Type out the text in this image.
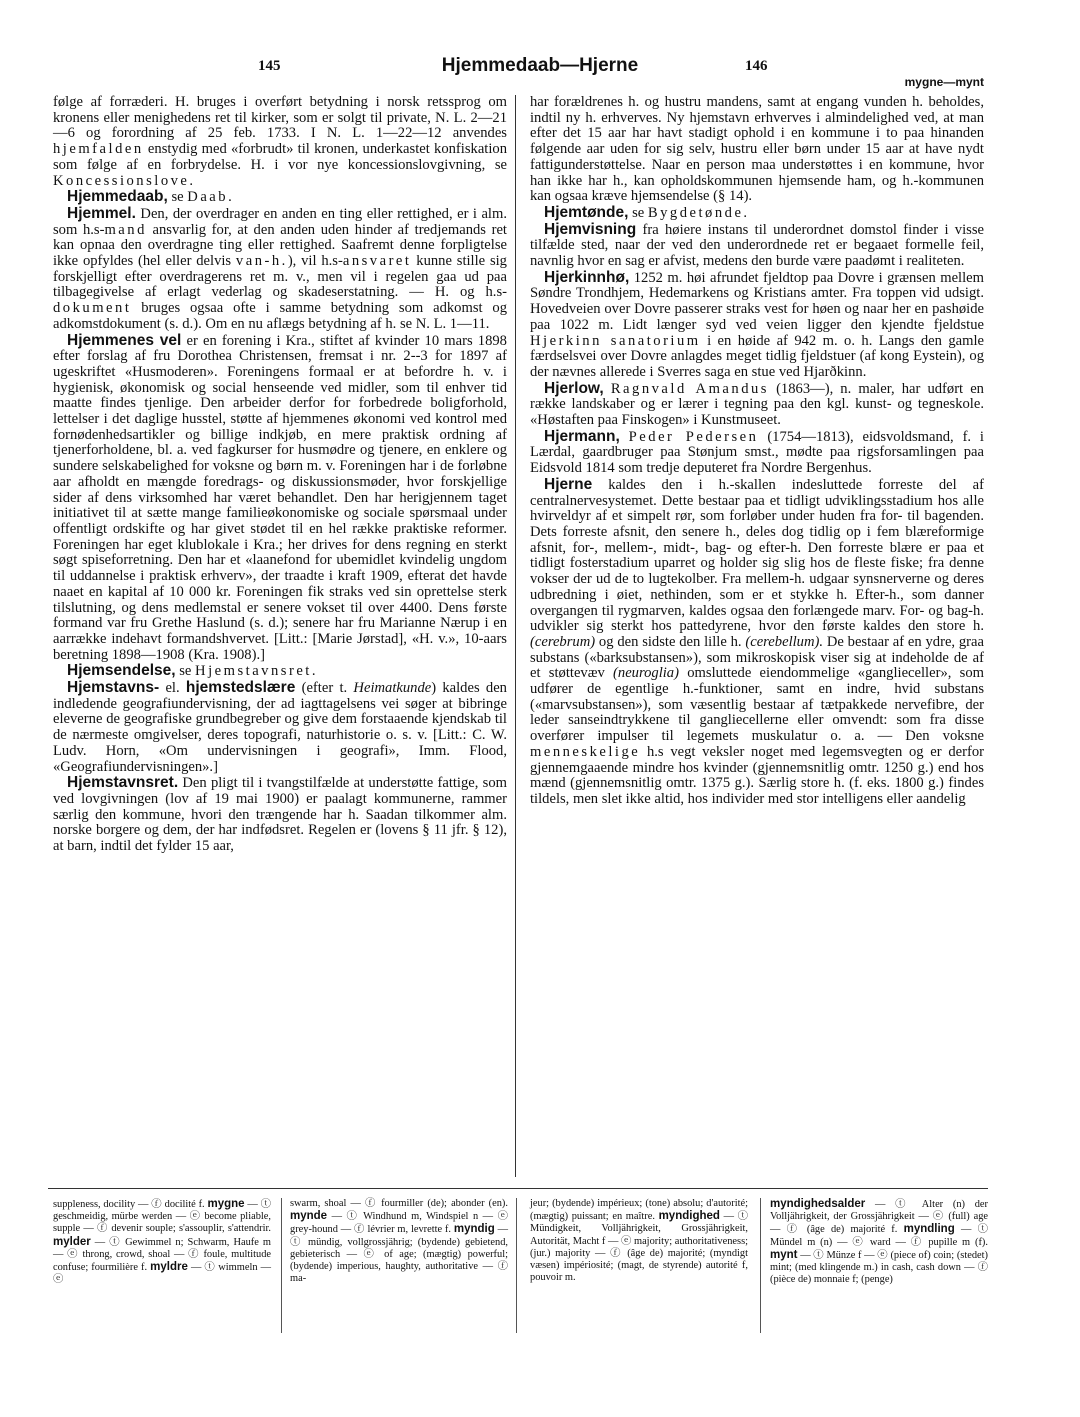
145	Hjemmedaab—Hjerne	146
mygne—mynt

følge af forræderi. H. bruges i overført betydning i norsk retssprog om kronens eller menighedens ret til kirker, som er solgt til private, N. L. 2—21—6 og forordning af 25 feb. 1733. I N. L. 1—22—12 anvendes hjemfalden enstydig med «forbrudt» til kronen, underkastet konfiskation som følge af en forbrydelse. H. i vor nye koncessionslovgivning, se Koncessionslove.

Hjemmedaab, se Daab.

Hjemmel. Den, der overdrager en anden en ting eller rettighed, er i alm. som h.s-mand ansvarlig for, at den anden uden hinder af tredjemands ret kan opnaa den overdragne ting eller rettighed. Saafremt denne forpligtelse ikke opfyldes (hel eller delvis van-h.), vil h.s-ansvaret kunne stille sig forskjelligt efter overdragerens ret m. v., men vil i regelen gaa ud paa tilbagegivelse af erlagt vederlag og skadeserstatning. — H. og h.s-dokument bruges ogsaa ofte i samme betydning som adkomst og adkomstdokument (s. d.). Om en nu aflægs betydning af h. se N. L. 1—11.

Hjemmenes vel er en forening i Kra., stiftet af kvinder 10 mars 1898 efter forslag af fru Dorothea Christensen, fremsat i nr. 2--3 for 1897 af ugeskriftet «Husmoderen». Foreningens formaal er at befordre h. v. i hygienisk, økonomisk og social henseende ved midler, som til enhver tid maatte findes tjenlige. Den arbeider derfor for forbedrede boligforhold, lettelser i det daglige husstel, støtte af hjemmenes økonomi ved kontrol med fornødenhedsartikler og billige indkjøb, en mere praktisk ordning af tjenerforholdene, bl. a. ved fagkurser for husmødre og tjenere, en enklere og sundere selskabelighed for voksne og børn m. v. Foreningen har i de forløbne aar afholdt en mængde foredrags- og diskussionsmøder, hvor forskjellige sider af dens virksomhed har været behandlet. Den har herigjennem taget initiativet til at sætte mange familieøkonomiske og sociale spørsmaal under offentligt ordskifte og har givet stødet til en hel række praktiske reformer. Foreningen har eget klublokale i Kra.; her drives for dens regning en sterkt søgt spiseforretning. Den har et «laanefond for ubemidlet kvindelig ungdom til uddannelse i praktisk erhverv», der traadte i kraft 1909, efterat det havde naaet en kapital af 10 000 kr. Foreningen fik straks ved sin oprettelse sterk tilslutning, og dens medlemstal er senere vokset til over 4400. Dens første formand var fru Grethe Haslund (s. d.); senere har fru Marianne Nærup i en aarrække indehavt formandshvervet. [Litt.: [Marie Jørstad], «H. v.», 10-aars beretning 1898—1908 (Kra. 1908).]

Hjemsendelse, se Hjemstavnsret.

Hjemstavns- el. hjemstedslære (efter t. Heimatkunde) kaldes den indledende geografiundervisning, der ad iagttagelsens vei søger at bibringe eleverne de geografiske grundbegreber og give dem forstaaende kjendskab til de nærmeste omgivelser, deres topografi, naturhistorie o. s. v. [Litt.: C. W. Ludv. Horn, «Om undervisningen i geografi», Imm. Flood, «Geografiundervisningen».]

Hjemstavnsret. Den pligt til i tvangstilfælde at understøtte fattige, som ved lovgivningen (lov af 19 mai 1900) er paalagt kommunerne, rammer særlig den kommune, hvori den trængende har h. Saadan tilkommer alm. norske borgere og dem, der har indfødsret. Regelen er (lovens § 11 jfr. § 12), at barn, indtil det fylder 15 aar,

har forældrenes h. og hustru mandens, samt at engang vunden h. beholdes, indtil ny h. erhverves. Ny hjemstavn erhverves i almindelighed ved, at man efter det 15 aar har havt stadigt ophold i en kommune i to paa hinanden følgende aar uden for sig selv, hustru eller børn under 15 aar at have nydt fattigunderstøttelse. Naar en person maa understøttes i en kommune, hvor han ikke har h., kan opholdskommunen hjemsende ham, og h.-kommunen kan ogsaa kræve hjemsendelse (§ 14).

Hjemtønde, se Bygdetønde.

Hjemvisning fra høiere instans til underordnet domstol finder i visse tilfælde sted, naar der ved den underordnede ret er begaaet formelle feil, navnlig hvor en sag er afvist, medens den burde være paadømt i realiteten.

Hjerkinnhø, 1252 m. høi afrundet fjeldtop paa Dovre i grænsen mellem Søndre Trondhjem, Hedemarkens og Kristians amter. Fra toppen vid udsigt. Hovedveien over Dovre passerer straks vest for høen og naar her en pashøide paa 1022 m. Lidt længer syd ved veien ligger den kjendte fjeldstue Hjerkinn sanatorium i en høide af 942 m. o. h. Langs den gamle færdselsvei over Dovre anlagdes meget tidlig fjeldstuer (af kong Eystein), og der nævnes allerede i Sverres saga en stue ved Hjarðkinn.

Hjerlow, Ragnvald Amandus (1863—), n. maler, har udført en række landskaber og er lærer i tegning paa den kgl. kunst- og tegneskole. «Høstaften paa Finskogen» i Kunstmuseet.

Hjermann, Peder Pedersen (1754—1813), eidsvoldsmand, f. i Lærdal, gaardbruger paa Stønjum smst., mødte paa rigsforsamlingen paa Eidsvold 1814 som tredje deputeret fra Nordre Bergenhus.

Hjerne kaldes den i h.-skallen indesluttede forreste del af centralnervesystemet. Dette bestaar paa et tidligt udviklingsstadium hos alle hvirveldyr af et simpelt rør, som forløber under huden fra for- til bagenden. Dets forreste afsnit, den senere h., deles dog tidlig op i fem blæreformige afsnit, for-, mellem-, midt-, bag- og efter-h. Den forreste blære er paa et tidligt fosterstadium uparret og holder sig slig hos de fleste fiske; fra denne vokser der ud de to lugtekolber. Fra mellem-h. udgaar synsnerverne og deres udbredning i øiet, nethinden, som er et stykke h. Efter-h., som danner overgangen til rygmarven, kaldes ogsaa den forlængede marv. For- og bag-h. udvikler sig sterkt hos pattedyrene, hvor den første kaldes den store h. (cerebrum) og den sidste den lille h. (cerebellum). De bestaar af en ydre, graa substans («barksubstansen»), som mikroskopisk viser sig at indeholde de af et støttevæv (neuroglia) omsluttede eiendommelige «ganglieceller», som udfører de egentlige h.-funktioner, samt en indre, hvid substans («marvsubstansen»), som væsentlig bestaar af tætpakkede nervefibre, der leder sanseindtrykkene til gangliecellerne eller omvendt: som fra disse overfører impulser til legemets muskulatur o. a. — Den voksne menneskelige h.s vegt veksler noget med legemsvegten og er derfor gjennemgaaende mindre hos kvinder (gjennemsnitlig omtr. 1250 g.) end hos mænd (gjennemsnitlig omtr. 1375 g.). Særlig store h. (f. eks. 1800 g.) findes tildels, men slet ikke altid, hos individer med stor intelligens eller aandelig

suppleness, docility — ⓕ docilité f. mygne — ⓣ geschmeidig, mürbe werden — ⓔ become pliable, supple — ⓕ devenir souple; s'assouplir, s'attendrir. mylder — ⓣ Gewimmel n; Schwarm, Haufe m — ⓔ throng, crowd, shoal — ⓕ foule, multitude confuse; fourmilière f. myldre — ⓣ wimmeln — ⓔ

swarm, shoal — ⓕ fourmiller (de); abonder (en). mynde — ⓣ Windhund m, Windspiel n — ⓔ grey-hound — ⓕ lévrier m, levrette f. myndig — ⓣ mündig, vollgrossjährig; (bydende) gebietend, gebieterisch — ⓔ of age; (mægtig) powerful; (bydende) imperious, haughty, authoritative — ⓕ ma-

jeur; (bydende) impérieux; (tone) absolu; d'autorité; (mægtig) puissant; en maître. myndighed — ⓣ Mündigkeit, Volljährigkeit, Grossjährigkeit, Autorität, Macht f — ⓔ majority; authoritativeness; (jur.) majority — ⓕ (âge de) majorité; (myndigt væsen) impériosité; (magt, de styrende) autorité f, pouvoir m.

myndighedsalder — ⓣ Alter (n) der Volljährigkeit, der Grossjährigkeit — ⓔ (full) age — ⓕ (âge de) majorité f. myndling — ⓣ Mündel m (n) — ⓔ ward — ⓕ pupille m (f). mynt — ⓣ Münze f — ⓔ (piece of) coin; (stedet) mint; (med klingende m.) in cash, cash down — ⓕ (pièce de) monnaie f; (penge)
